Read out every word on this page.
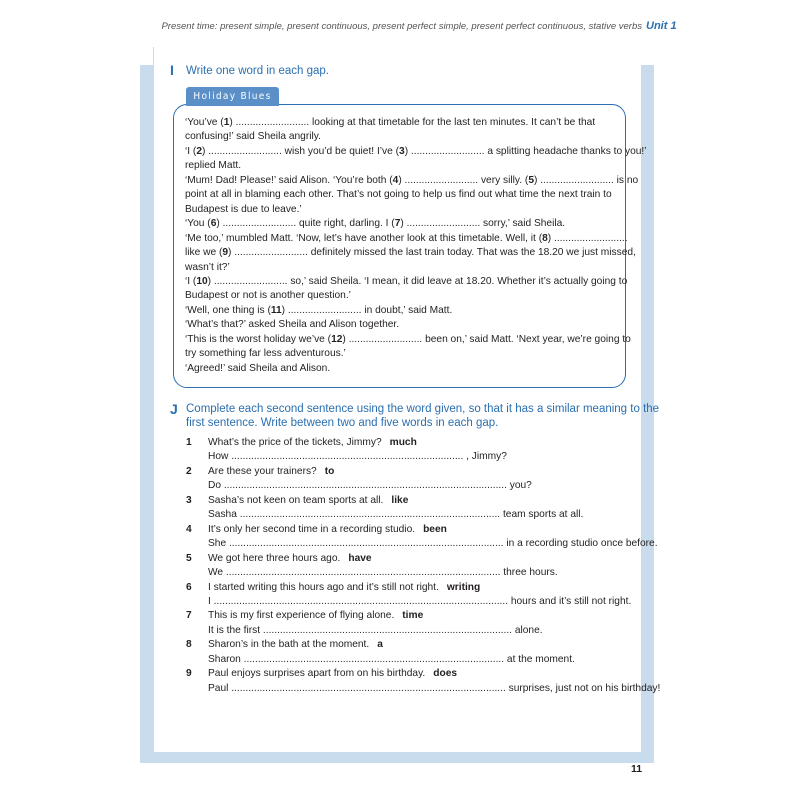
Present time: present simple, present continuous, present perfect simple, present perfect continuous, stative verbs Unit 1
I Write one word in each gap.
Holiday Blues
‘You’ve (1) .......................... looking at that timetable for the last ten minutes. It can’t be that
confusing!’ said Sheila angrily.
‘I (2) .......................... wish you’d be quiet! I’ve (3) .......................... a splitting headache thanks to you!’
replied Matt.
‘Mum! Dad! Please!’ said Alison. ‘You’re both (4) .......................... very silly. (5) .......................... is no
point at all in blaming each other. That’s not going to help us find out what time the next train to
Budapest is due to leave.’
‘You (6) .......................... quite right, darling. I (7) .......................... sorry,’ said Sheila.
‘Me too,’ mumbled Matt. ‘Now, let’s have another look at this timetable. Well, it (8) ..........................
like we (9) .......................... definitely missed the last train today. That was the 18.20 we just missed,
wasn’t it?’
‘I (10) .......................... so,’ said Sheila. ‘I mean, it did leave at 18.20. Whether it’s actually going to
Budapest or not is another question.’
‘Well, one thing is (11) .......................... in doubt,’ said Matt.
‘What’s that?’ asked Sheila and Alison together.
‘This is the worst holiday we’ve (12) .......................... been on,’ said Matt. ‘Next year, we’re going to
try something far less adventurous.’
‘Agreed!’ said Sheila and Alison.
J Complete each second sentence using the word given, so that it has a similar meaning to the
first sentence. Write between two and five words in each gap.
1	What’s the price of the tickets, Jimmy? much
How .................................................................................. , Jimmy?
2	Are these your trainers? to
Do .................................................................................................... you?
3	Sasha’s not keen on team sports at all. like
Sasha ............................................................................................ team sports at all.
4	It’s only her second time in a recording studio. been
She ................................................................................................. in a recording studio once before.
5	We got here three hours ago. have
We ................................................................................................. three hours.
6	I started writing this hours ago and it’s still not right. writing
I ........................................................................................................ hours and it’s still not right.
7	This is my first experience of flying alone. time
It is the first ........................................................................................ alone.
8	Sharon’s in the bath at the moment. a
Sharon ............................................................................................ at the moment.
9	Paul enjoys surprises apart from on his birthday. does
Paul ................................................................................................. surprises, just not on his birthday!
11
